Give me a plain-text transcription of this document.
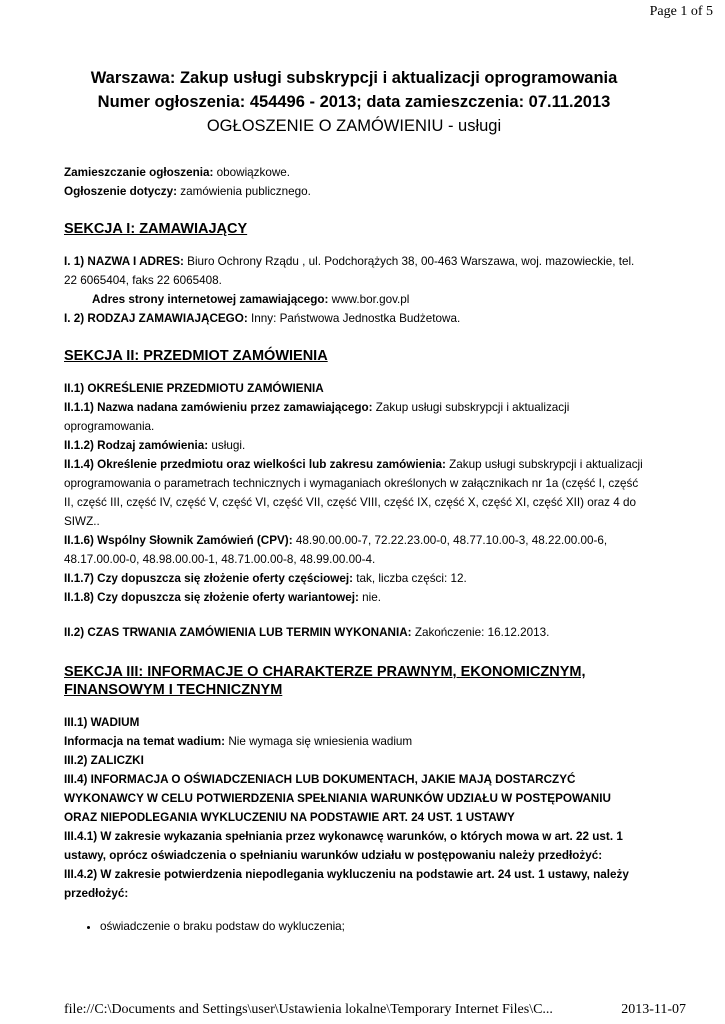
Page 1 of 5

Warszawa: Zakup usługi subskrypcji i aktualizacji oprogramowania

Numer ogłoszenia: 454496 - 2013; data zamieszczenia: 07.11.2013

OGŁOSZENIE O ZAMÓWIENIU - usługi

Zamieszczanie ogłoszenia: obowiązkowe.

Ogłoszenie dotyczy: zamówienia publicznego.

SEKCJA I: ZAMAWIAJĄCY

I. 1) NAZWA I ADRES: Biuro Ochrony Rządu , ul. Podchorążych 38, 00-463 Warszawa, woj. mazowieckie, tel. 22 6065404, faks 22 6065408.

Adres strony internetowej zamawiającego: www.bor.gov.pl

I. 2) RODZAJ ZAMAWIAJĄCEGO: Inny: Państwowa Jednostka Budżetowa.

SEKCJA II: PRZEDMIOT ZAMÓWIENIA

II.1) OKREŚLENIE PRZEDMIOTU ZAMÓWIENIA

II.1.1) Nazwa nadana zamówieniu przez zamawiającego: Zakup usługi subskrypcji i aktualizacji oprogramowania.

II.1.2) Rodzaj zamówienia: usługi.

II.1.4) Określenie przedmiotu oraz wielkości lub zakresu zamówienia: Zakup usługi subskrypcji i aktualizacji oprogramowania o parametrach technicznych i wymaganiach określonych w załącznikach nr 1a (część I, część II, część III, część IV, część V, część VI, część VII, część VIII, część IX, część X, część XI, część XII) oraz 4 do SIWZ..

II.1.6) Wspólny Słownik Zamówień (CPV): 48.90.00.00-7, 72.22.23.00-0, 48.77.10.00-3, 48.22.00.00-6, 48.17.00.00-0, 48.98.00.00-1, 48.71.00.00-8, 48.99.00.00-4.

II.1.7) Czy dopuszcza się złożenie oferty częściowej: tak, liczba części: 12.

II.1.8) Czy dopuszcza się złożenie oferty wariantowej: nie.

II.2) CZAS TRWANIA ZAMÓWIENIA LUB TERMIN WYKONANIA: Zakończenie: 16.12.2013.

SEKCJA III: INFORMACJE O CHARAKTERZE PRAWNYM, EKONOMICZNYM, FINANSOWYM I TECHNICZNYM

III.1) WADIUM

Informacja na temat wadium: Nie wymaga się wniesienia wadium

III.2) ZALICZKI

III.4) INFORMACJA O OŚWIADCZENIACH LUB DOKUMENTACH, JAKIE MAJĄ DOSTARCZYĆ WYKONAWCY W CELU POTWIERDZENIA SPEŁNIANIA WARUNKÓW UDZIAŁU W POSTĘPOWANIU ORAZ NIEPODLEGANIA WYKLUCZENIU NA PODSTAWIE ART. 24 UST. 1 USTAWY

III.4.1) W zakresie wykazania spełniania przez wykonawcę warunków, o których mowa w art. 22 ust. 1 ustawy, oprócz oświadczenia o spełnianiu warunków udziału w postępowaniu należy przedłożyć:

III.4.2) W zakresie potwierdzenia niepodlegania wykluczeniu na podstawie art. 24 ust. 1 ustawy, należy przedłożyć:

• oświadczenie o braku podstaw do wykluczenia;
file://C:\Documents and Settings\user\Ustawienia lokalne\Temporary Internet Files\C...	2013-11-07
